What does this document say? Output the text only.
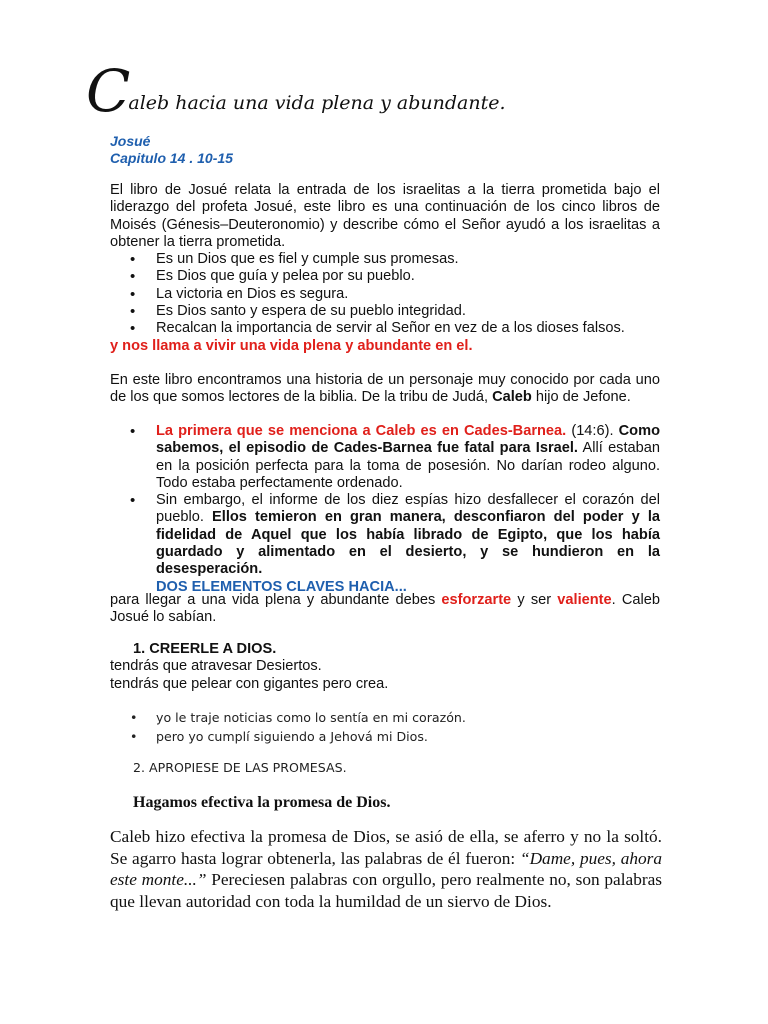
Caleb hacia una vida plena y abundante.
Josué
Capitulo 14 . 10-15
El libro de Josué relata la entrada de los israelitas a la tierra prometida bajo el liderazgo del profeta Josué, este libro es una continuación de los cinco libros de Moisés (Génesis–Deuteronomio) y describe cómo el Señor ayudó a los israelitas a obtener la tierra prometida.
• Es un Dios que es fiel y cumple sus promesas.
• Es Dios que guía y pelea por su pueblo.
• La victoria en Dios es segura.
• Es Dios santo y espera de su pueblo integridad.
• Recalcan la importancia de servir al Señor en vez de a los dioses falsos.
y nos llama a vivir una vida plena y abundante en el.
En este libro encontramos una historia de un personaje muy conocido por cada uno de los que somos lectores de la biblia. De la tribu de Judá, Caleb hijo de Jefone.
• La primera que se menciona a Caleb es en Cades-Barnea. (14:6). Como sabemos, el episodio de Cades-Barnea fue fatal para Israel. Allí estaban en la posición perfecta para la toma de posesión. No darían rodeo alguno. Todo estaba perfectamente ordenado.
• Sin embargo, el informe de los diez espías hizo desfallecer el corazón del pueblo. Ellos temieron en gran manera, desconfiaron del poder y la fidelidad de Aquel que los había librado de Egipto, que los había guardado y alimentado en el desierto, y se hundieron en la desesperación.
DOS ELEMENTOS CLAVES HACIA...
para llegar a una vida plena y abundante debes esforzarte y ser valiente. Caleb Josué lo sabían.
1. CREERLE A DIOS.
tendrás que atravesar Desiertos.
tendrás que pelear con gigantes pero crea.
• yo le traje noticias como lo sentía en mi corazón.
• pero yo cumplí siguiendo a Jehová mi Dios.
2. APROPIESE DE LAS PROMESAS.
Hagamos efectiva la promesa de Dios.
Caleb hizo efectiva la promesa de Dios, se asió de ella, se aferro y no la soltó. Se agarro hasta lograr obtenerla, las palabras de él fueron: “Dame, pues, ahora este monte...” Pereciesen palabras con orgullo, pero realmente no, son palabras que llevan autoridad con toda la humildad de un siervo de Dios.
